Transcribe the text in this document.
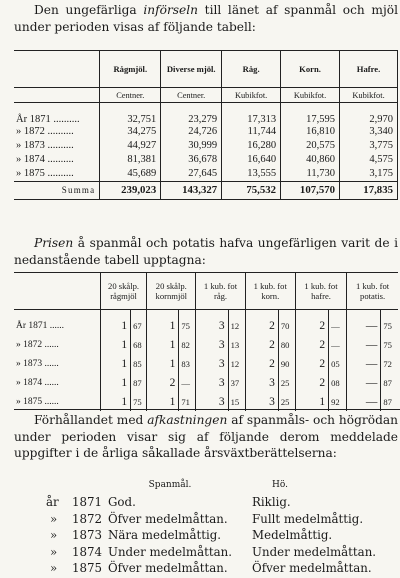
Den ungefärliga införseln till länet af spanmål och mjöl under perioden visas af följande tabell:

	Rågmjöl.	Diverse mjöl.	Råg.	Korn.	Hafre.
	Centner.	Centner.	Kubikfot.	Kubikfot.	Kubikfot.
År 1871 ..........	32,751	23,279	17,313	17,595	2,970
» 1872 ..........	34,275	24,726	11,744	16,810	3,340
» 1873 ..........	44,927	30,999	16,280	20,575	3,775
» 1874 ..........	81,381	36,678	16,640	40,860	4,575
» 1875 ..........	45,689	27,645	13,555	11,730	3,175
Summa	239,023	143,327	75,532	107,570	17,835

Prisen å spanmål och potatis hafva ungefärligen varit de i nedanstående tabell upptagna:

	20 skålp. rågmjöl		20 skålp. kornmjöl		1 kub. fot råg.		1 kub. fot korn.		1 kub. fot hafre.		1 kub. fot potatis.	
År 1871 ......	1	67	1	75	3	12	2	70	2	—	—	75
» 1872 ......	1	68	1	82	3	13	2	80	2	—	—	75
» 1873 ......	1	85	1	83	3	12	2	90	2	05	—	72
» 1874 ......	1	87	2	—	3	37	3	25	2	08	—	87
» 1875 ......	1	75	1	71	3	15	3	25	1	92	—	87

Förhållandet med afkastningen af spanmåls- och högrödan under perioden visar sig af följande derom meddelade uppgifter i de årliga såkallade årsväxtberättelserna:

		Spanmål.	Hö.
år	1871	God.	Riklig.
»	1872	Öfver medelmåttan.	Fullt medelmåttig.
»	1873	Nära medelmåttig.	Medelmåttig.
»	1874	Under medelmåttan.	Under medelmåttan.
»	1875	Öfver medelmåttan.	Öfver medelmåttan.
